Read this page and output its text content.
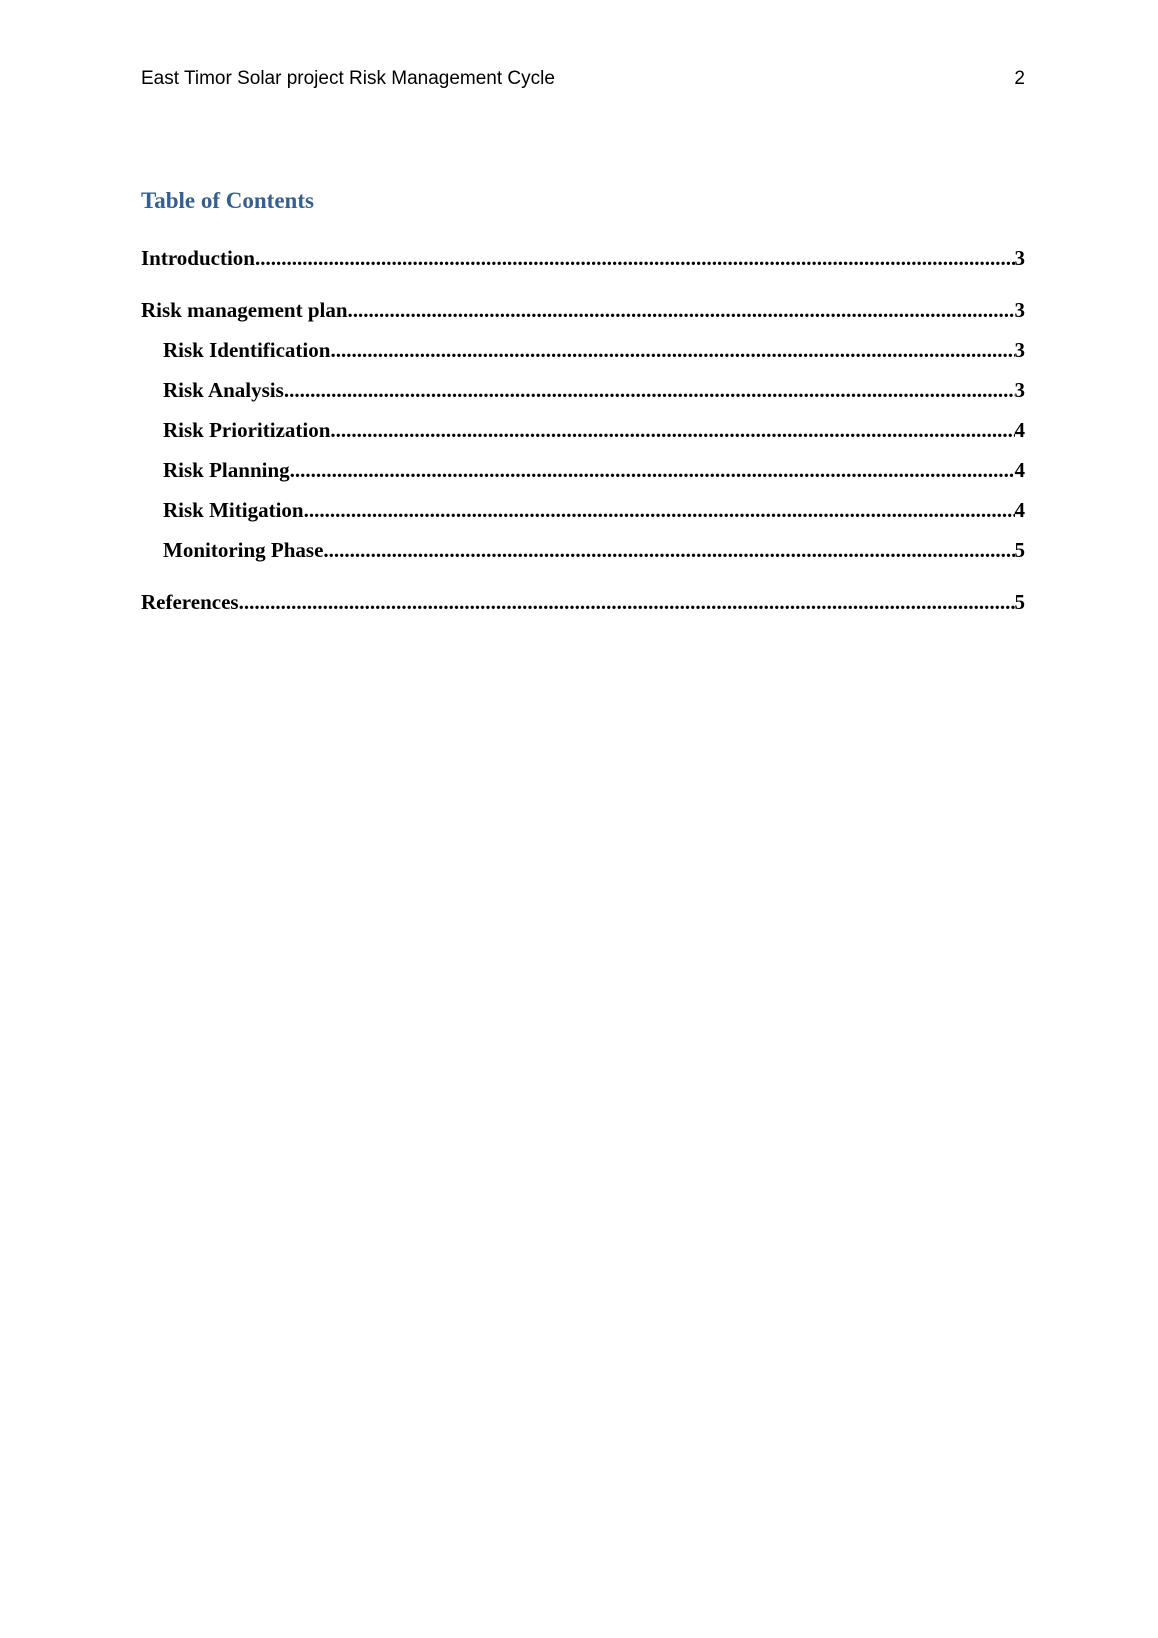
East Timor Solar project Risk Management Cycle	2
Table of Contents
Introduction .....	3
Risk management plan .....	3
Risk Identification .....	3
Risk Analysis .....	3
Risk Prioritization .....	4
Risk Planning .....	4
Risk Mitigation .....	4
Monitoring Phase .....	5
References .....	5
